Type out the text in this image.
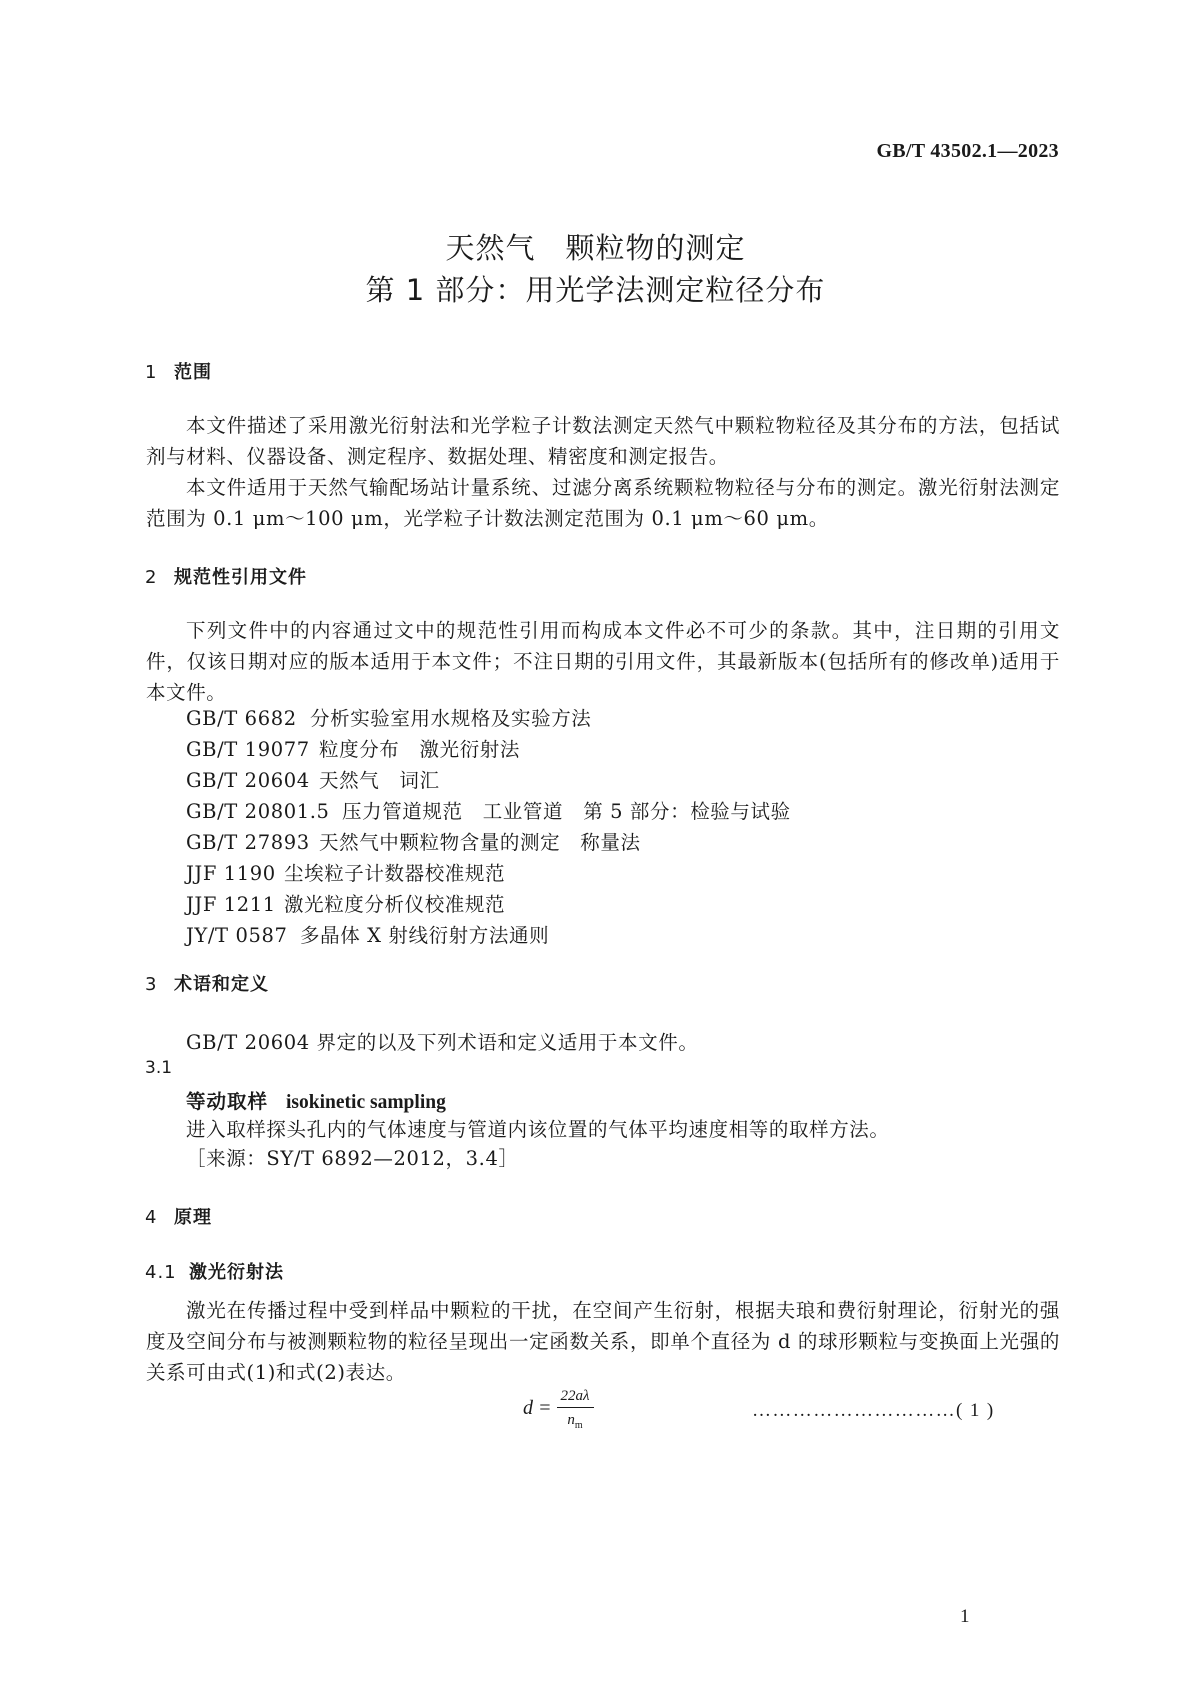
GB/T 43502.1—2023
天然气　颗粒物的测定
第 1 部分：用光学法测定粒径分布
1 范围

本文件描述了采用激光衍射法和光学粒子计数法测定天然气中颗粒物粒径及其分布的方法，包括试剂与材料、仪器设备、测定程序、数据处理、精密度和测定报告。

本文件适用于天然气输配场站计量系统、过滤分离系统颗粒物粒径与分布的测定。激光衍射法测定范围为 0.1 μm～100 μm，光学粒子计数法测定范围为 0.1 μm～60 μm。

2 规范性引用文件

下列文件中的内容通过文中的规范性引用而构成本文件必不可少的条款。其中，注日期的引用文件，仅该日期对应的版本适用于本文件；不注日期的引用文件，其最新版本(包括所有的修改单)适用于本文件。

GB/T 6682 分析实验室用水规格及实验方法
GB/T 19077 粒度分布　激光衍射法
GB/T 20604 天然气　词汇
GB/T 20801.5 压力管道规范　工业管道　第 5 部分：检验与试验
GB/T 27893 天然气中颗粒物含量的测定　称量法
JJF 1190 尘埃粒子计数器校准规范
JJF 1211 激光粒度分析仪校准规范
JY/T 0587 多晶体 X 射线衍射方法通则
3 术语和定义
GB/T 20604 界定的以及下列术语和定义适用于本文件。
3.1
等动取样 isokinetic sampling
进入取样探头孔内的气体速度与管道内该位置的气体平均速度相等的取样方法。
［来源：SY/T 6892—2012，3.4］
4 原理
4.1 激光衍射法

激光在传播过程中受到样品中颗粒的干扰，在空间产生衍射，根据夫琅和费衍射理论，衍射光的强度及空间分布与被测颗粒物的粒径呈现出一定函数关系，即单个直径为 d 的球形颗粒与变换面上光强的关系可由式(1)和式(2)表达。

$d = \frac{22a\lambda}{n_m}$	…………………………( 1 )
1
